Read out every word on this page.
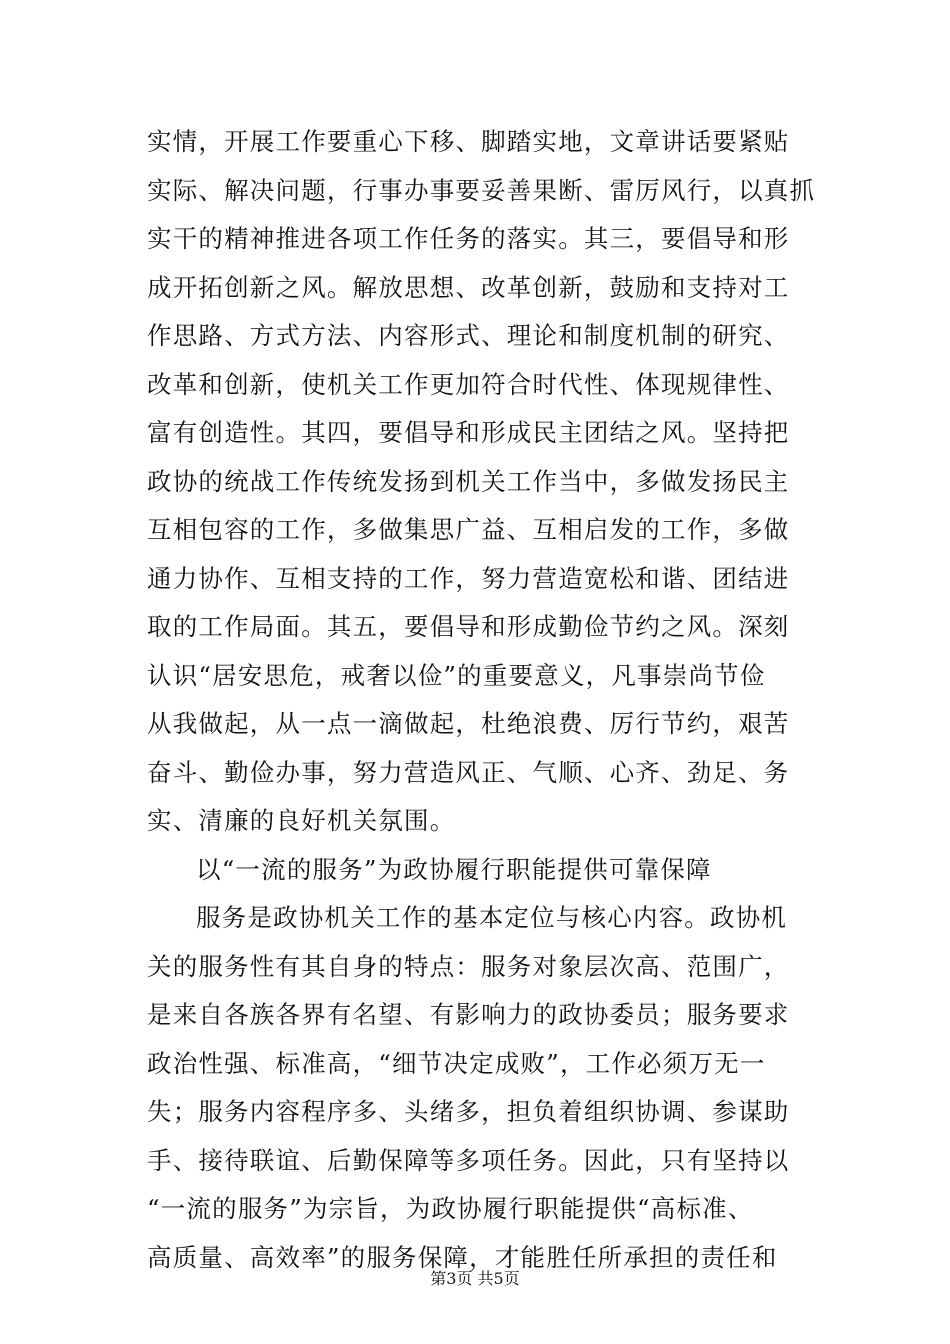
实情，开展工作要重心下移、脚踏实地，文章讲话要紧贴
实际、解决问题，行事办事要妥善果断、雷厉风行，以真抓
实干的精神推进各项工作任务的落实。其三，要倡导和形
成开拓创新之风。解放思想、改革创新，鼓励和支持对工
作思路、方式方法、内容形式、理论和制度机制的研究、
改革和创新，使机关工作更加符合时代性、体现规律性、
富有创造性。其四，要倡导和形成民主团结之风。坚持把
政协的统战工作传统发扬到机关工作当中，多做发扬民主
互相包容的工作，多做集思广益、互相启发的工作，多做
通力协作、互相支持的工作，努力营造宽松和谐、团结进
取的工作局面。其五，要倡导和形成勤俭节约之风。深刻
认识“居安思危，戒奢以俭”的重要意义，凡事崇尚节俭
从我做起，从一点一滴做起，杜绝浪费、厉行节约，艰苦
奋斗、勤俭办事，努力营造风正、气顺、心齐、劲足、务
实、清廉的良好机关氛围。
以“一流的服务”为政协履行职能提供可靠保障
服务是政协机关工作的基本定位与核心内容。政协机
关的服务性有其自身的特点：服务对象层次高、范围广，
是来自各族各界有名望、有影响力的政协委员；服务要求
政治性强、标准高，“细节决定成败”，工作必须万无一
失；服务内容程序多、头绪多，担负着组织协调、参谋助
手、接待联谊、后勤保障等多项任务。因此，只有坚持以
“一流的服务”为宗旨，为政协履行职能提供“高标准、
高质量、高效率”的服务保障，才能胜任所承担的责任和
第3页 共5页
